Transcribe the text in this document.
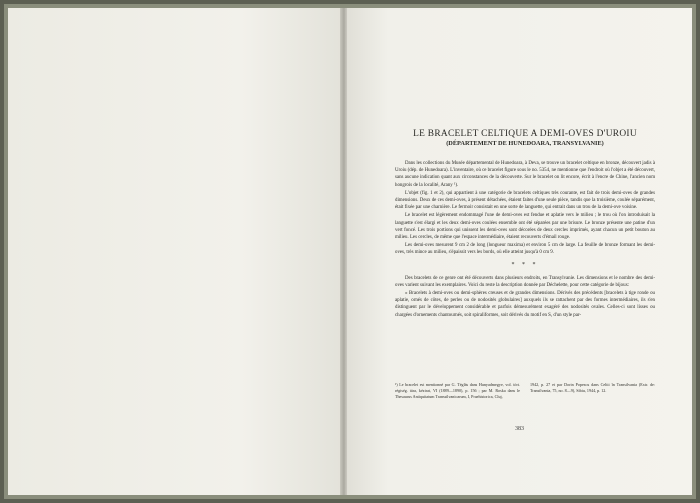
LE BRACELET CELTIQUE A DEMI-OVES D'UROIU

(DÉPARTEMENT DE HUNEDOARA, TRANSYLVANIE)

Dans les collections du Musée départemental de Hunedoara, à Deva, se trouve un bracelet celtique en bronze, découvert jadis à Uroiu (dép. de Hunedoara). L'inventaire, où ce bracelet figure sous le no. 5354, ne mentionne que l'endroit où l'objet a été découvert, sans aucune indication quant aux circonstances de la découverte. Sur le bracelet on lit encore, écrit à l'encre de Chine, l'ancien nom hongrois de la localité, Arany ¹).

L'objet (fig. 1 et 2), qui appartient à une catégorie de bracelets celtiques très courante, est fait de trois demi-oves de grandes dimensions. Deux de ces demi-oves, à présent détachées, étaient faites d'une seule pièce, tandis que la troisième, coulée séparément, était fixée par une charnière. Le fermoir consistait en une sorte de languette, qui entrait dans un trou de la demi-ove voisine.

Le bracelet est légèrement endommagé l'une de demi-oves est fendue et aplatie vers le milieu ; le trou où l'on introduisait la languette s'est élargi et les deux demi-oves coulées ensemble ont été séparées par une brisure. Le bronze présente une patine d'un vert foncé. Les trois portions qui unissent les demi-oves sont décorées de deux cercles imprimés, ayant chacun un petit bouton au milieu. Les cercles, de même que l'espace intermédiaire, étaient recouverts d'émail rouge.

Les demi-oves mesurent 9 cm 2 de long (longueur maxima) et environ 5 cm de large. La feuille de bronze formant les demi-oves, très mince au milieu, s'épaissit vers les bords, où elle atteint jusqu'à 0 cm 9.

* * *

Des bracelets de ce genre ont été découverts dans plusieurs endroits, en Transylvanie. Les dimensions et le nombre des demi-oves varient suivant les exemplaires. Voici du reste la description donnée par Déchelette, pour cette catégorie de bijoux:

« Bracelets à demi-oves ou demi-sphères creuses et de grandes dimensions. Dérivés des précédents [bracelets à tige ronde ou aplatie, ornés de côtes, de perles ou de nodosités globulaires] auxquels ils se rattachent par des formes intermédiaires, ils s'en distinguent par le développement considérable et parfois démesurément exagéré des nodosités ovales. Celles-ci sont lisses ou chargées d'ornements chantournés, soit spiraliformes, soit dérivés du motif en S, d'un style par-

¹) Le bracelet est mentionné par G. Téglás dans Hunyadmegye, vol. tört. régiség. tára, kézirat, VI (1889—1890), p. 156 ; par M. Roska dans le Thesaurus Antiquitatum Transsilvanicarum, I, Praehistorica, Cluj,
1942, p. 27 et par Dorin Popescu dans Celtii în Transilvania (Extr. de: Transilvania, 75, no. 8—9), Sibiu, 1944, p. 12.
383
